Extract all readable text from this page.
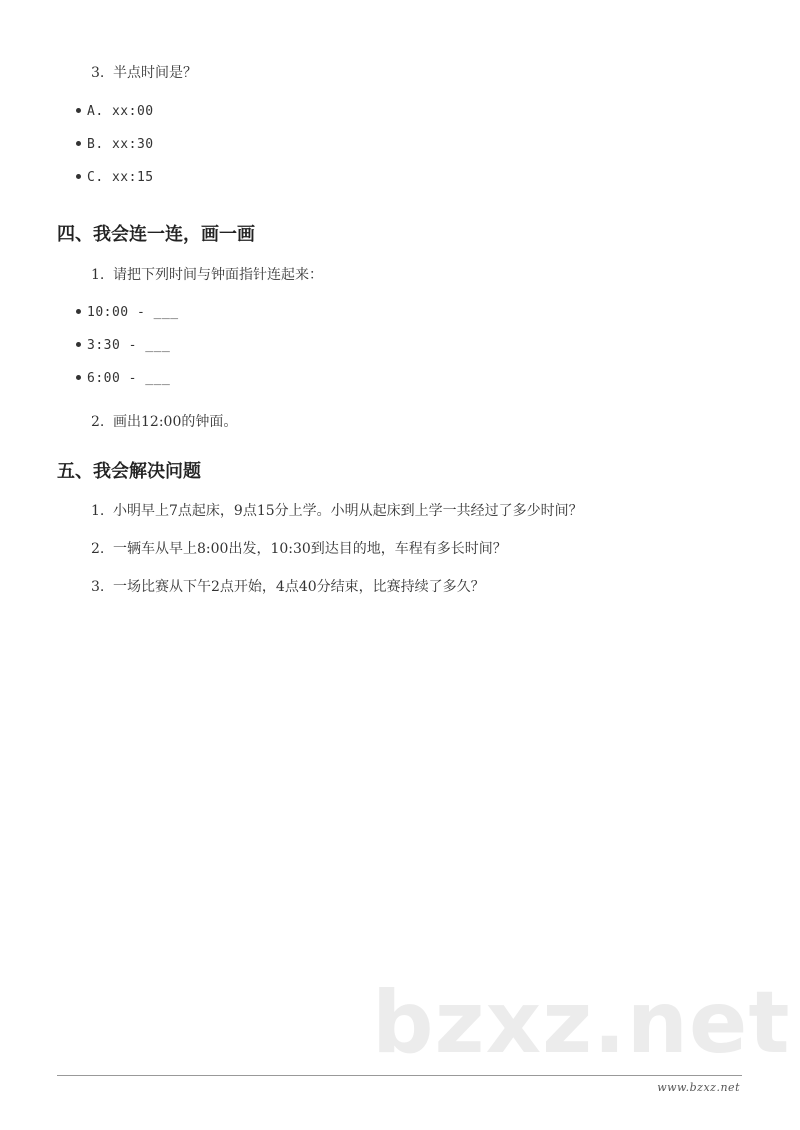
3. 半点时间是？
A. xx:00
B. xx:30
C. xx:15
四、我会连一连，画一画
1. 请把下列时间与钟面指针连起来：
10:00 - ___
3:30 - ___
6:00 - ___
2. 画出12:00的钟面。
五、我会解决问题
1. 小明早上7点起床，9点15分上学。小明从起床到上学一共经过了多少时间？
2. 一辆车从早上8:00出发，10:30到达目的地，车程有多长时间？
3. 一场比赛从下午2点开始，4点40分结束，比赛持续了多久？
bzxz.net
www.bzxz.net
